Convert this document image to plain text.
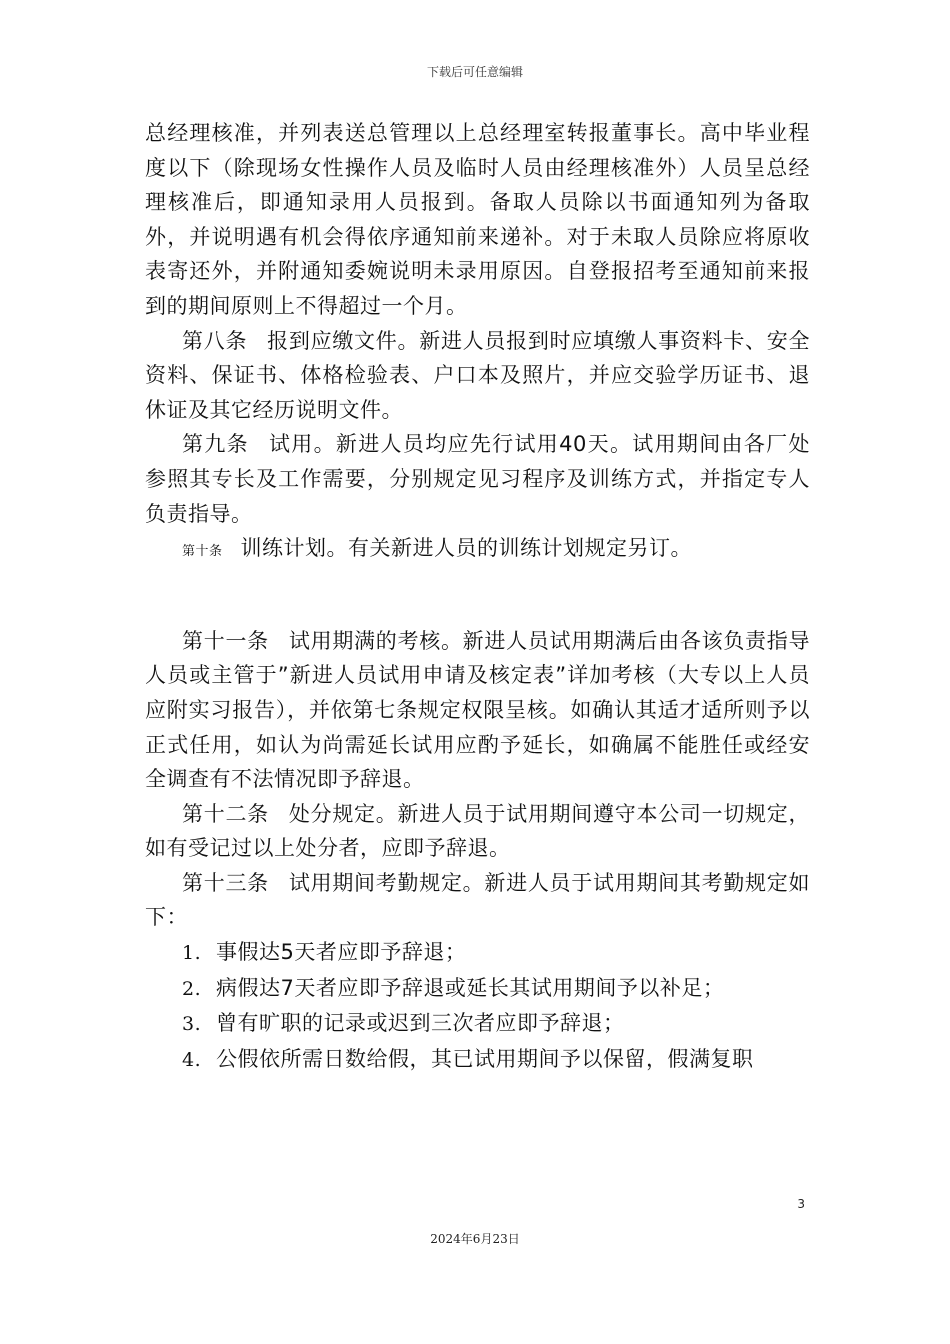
下载后可任意编辑

总经理核准，并列表送总管理以上总经理室转报董事长。高中毕业程度以下（除现场女性操作人员及临时人员由经理核准外）人员呈总经理核准后，即通知录用人员报到。备取人员除以书面通知列为备取外，并说明遇有机会得依序通知前来递补。对于未取人员除应将原收表寄还外，并附通知委婉说明未录用原因。自登报招考至通知前来报到的期间原则上不得超过一个月。

第八条 报到应缴文件。新进人员报到时应填缴人事资料卡、安全资料、保证书、体格检验表、户口本及照片，并应交验学历证书、退休证及其它经历说明文件。

第九条 试用。新进人员均应先行试用40天。试用期间由各厂处参照其专长及工作需要，分别规定见习程序及训练方式，并指定专人负责指导。

第十条 训练计划。有关新进人员的训练计划规定另订。

第十一条 试用期满的考核。新进人员试用期满后由各该负责指导人员或主管于”新进人员试用申请及核定表”详加考核（大专以上人员应附实习报告），并依第七条规定权限呈核。如确认其适才适所则予以正式任用，如认为尚需延长试用应酌予延长，如确属不能胜任或经安全调查有不法情况即予辞退。

第十二条 处分规定。新进人员于试用期间遵守本公司一切规定，如有受记过以上处分者，应即予辞退。

第十三条 试用期间考勤规定。新进人员于试用期间其考勤规定如下：

1. 事假达5天者应即予辞退；
2. 病假达7天者应即予辞退或延长其试用期间予以补足；
3. 曾有旷职的记录或迟到三次者应即予辞退；
4. 公假依所需日数给假，其已试用期间予以保留，假满复职
3
2024年6月23日
